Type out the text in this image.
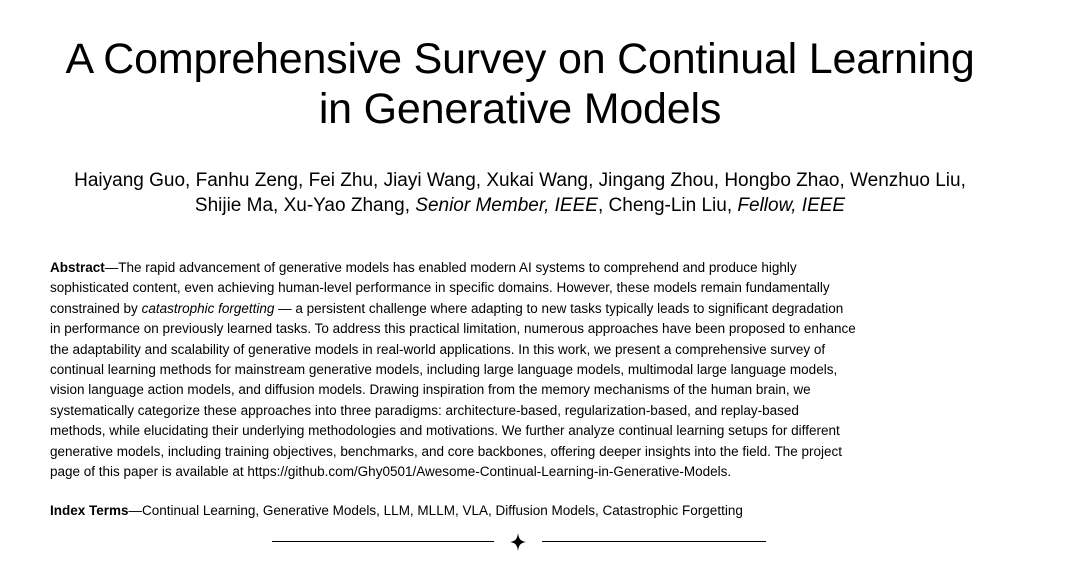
A Comprehensive Survey on Continual Learning
in Generative Models
Haiyang Guo, Fanhu Zeng, Fei Zhu, Jiayi Wang, Xukai Wang, Jingang Zhou, Hongbo Zhao, Wenzhuo Liu,
Shijie Ma, Xu-Yao Zhang, Senior Member, IEEE, Cheng-Lin Liu, Fellow, IEEE
Abstract—The rapid advancement of generative models has enabled modern AI systems to comprehend and produce highly
sophisticated content, even achieving human-level performance in specific domains. However, these models remain fundamentally
constrained by catastrophic forgetting — a persistent challenge where adapting to new tasks typically leads to significant degradation
in performance on previously learned tasks. To address this practical limitation, numerous approaches have been proposed to enhance
the adaptability and scalability of generative models in real-world applications. In this work, we present a comprehensive survey of
continual learning methods for mainstream generative models, including large language models, multimodal large language models,
vision language action models, and diffusion models. Drawing inspiration from the memory mechanisms of the human brain, we
systematically categorize these approaches into three paradigms: architecture-based, regularization-based, and replay-based
methods, while elucidating their underlying methodologies and motivations. We further analyze continual learning setups for different
generative models, including training objectives, benchmarks, and core backbones, offering deeper insights into the field. The project
page of this paper is available at https://github.com/Ghy0501/Awesome-Continual-Learning-in-Generative-Models.
Index Terms—Continual Learning, Generative Models, LLM, MLLM, VLA, Diffusion Models, Catastrophic Forgetting
